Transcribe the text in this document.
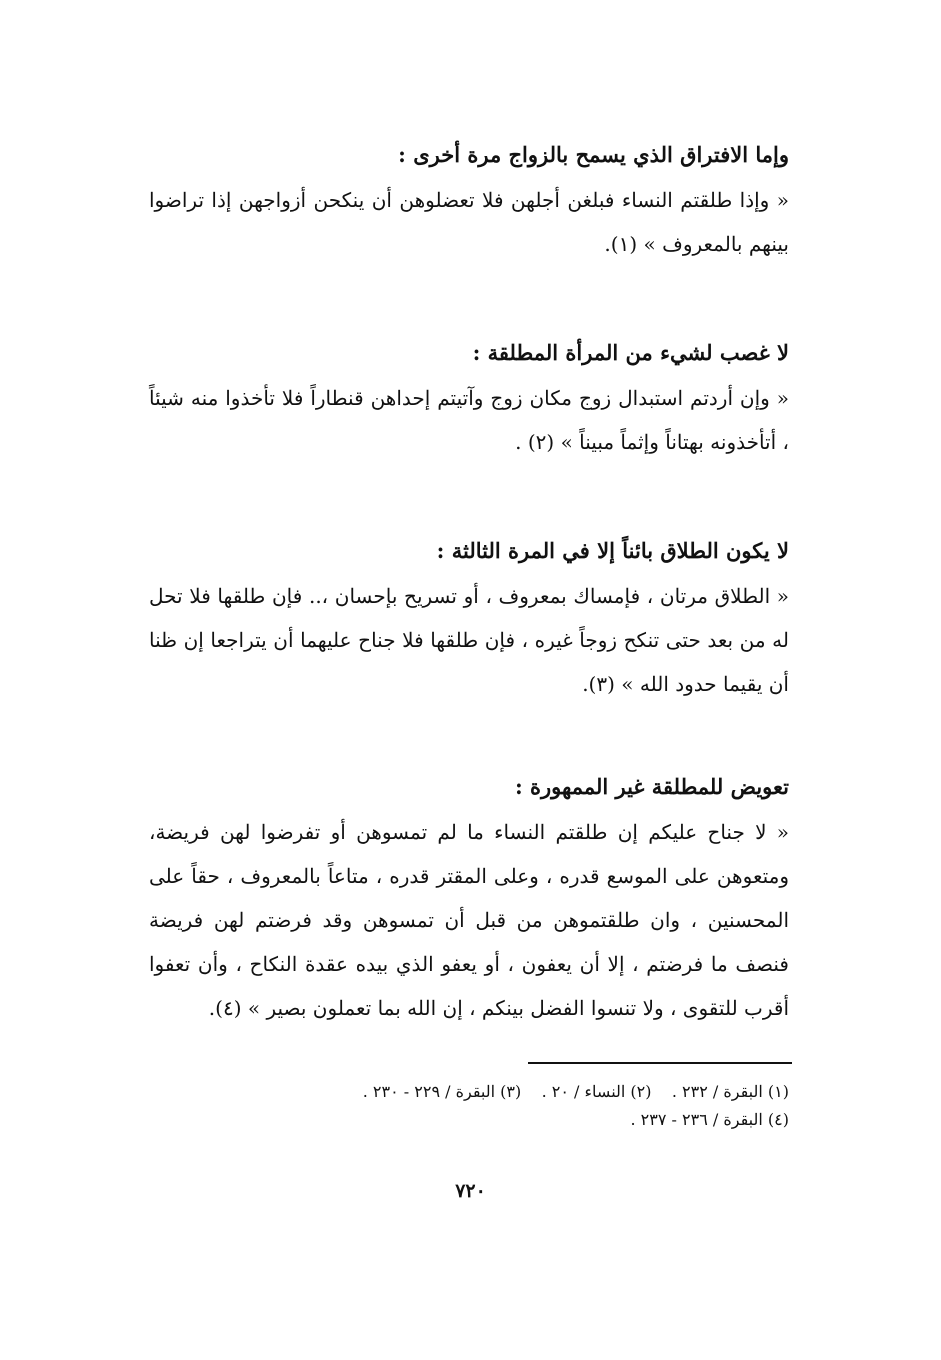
وإما الافتراق الذي يسمح بالزواج مرة أخرى :

« وإذا طلقتم النساء فبلغن أجلهن فلا تعضلوهن أن ينكحن أزواجهن إذا تراضوا بينهم بالمعروف » (١).

لا غصب لشيء من المرأة المطلقة :

« وإن أردتم استبدال زوج مكان زوج وآتيتم إحداهن قنطاراً فلا تأخذوا منه شيئاً ، أتأخذونه بهتاناً وإثماً مبيناً » (٢) .

لا يكون الطلاق بائناً إلا في المرة الثالثة :

« الطلاق مرتان ، فإمساك بمعروف ، أو تسريح بإحسان ،.. فإن طلقها فلا تحل له من بعد حتى تنكح زوجاً غيره ، فإن طلقها فلا جناح عليهما أن يتراجعا إن ظنا أن يقيما حدود الله » (٣).

تعويض للمطلقة غير الممهورة :

« لا جناح عليكم إن طلقتم النساء ما لم تمسوهن أو تفرضوا لهن فريضة، ومتعوهن على الموسع قدره ، وعلى المقتر قدره ، متاعاً بالمعروف ، حقاً على المحسنين ، وان طلقتموهن من قبل أن تمسوهن وقد فرضتم لهن فريضة فنصف ما فرضتم ، إلا أن يعفون ، أو يعفو الذي بيده عقدة النكاح ، وأن تعفوا أقرب للتقوى ، ولا تنسوا الفضل بينكم ، إن الله بما تعملون بصير » (٤).

(١) البقرة / ٢٣٢ .    (٢) النساء / ٢٠ .    (٣) البقرة / ٢٢٩ - ٢٣٠ .
(٤) البقرة / ٢٣٦ - ٢٣٧ .
٧٢٠
